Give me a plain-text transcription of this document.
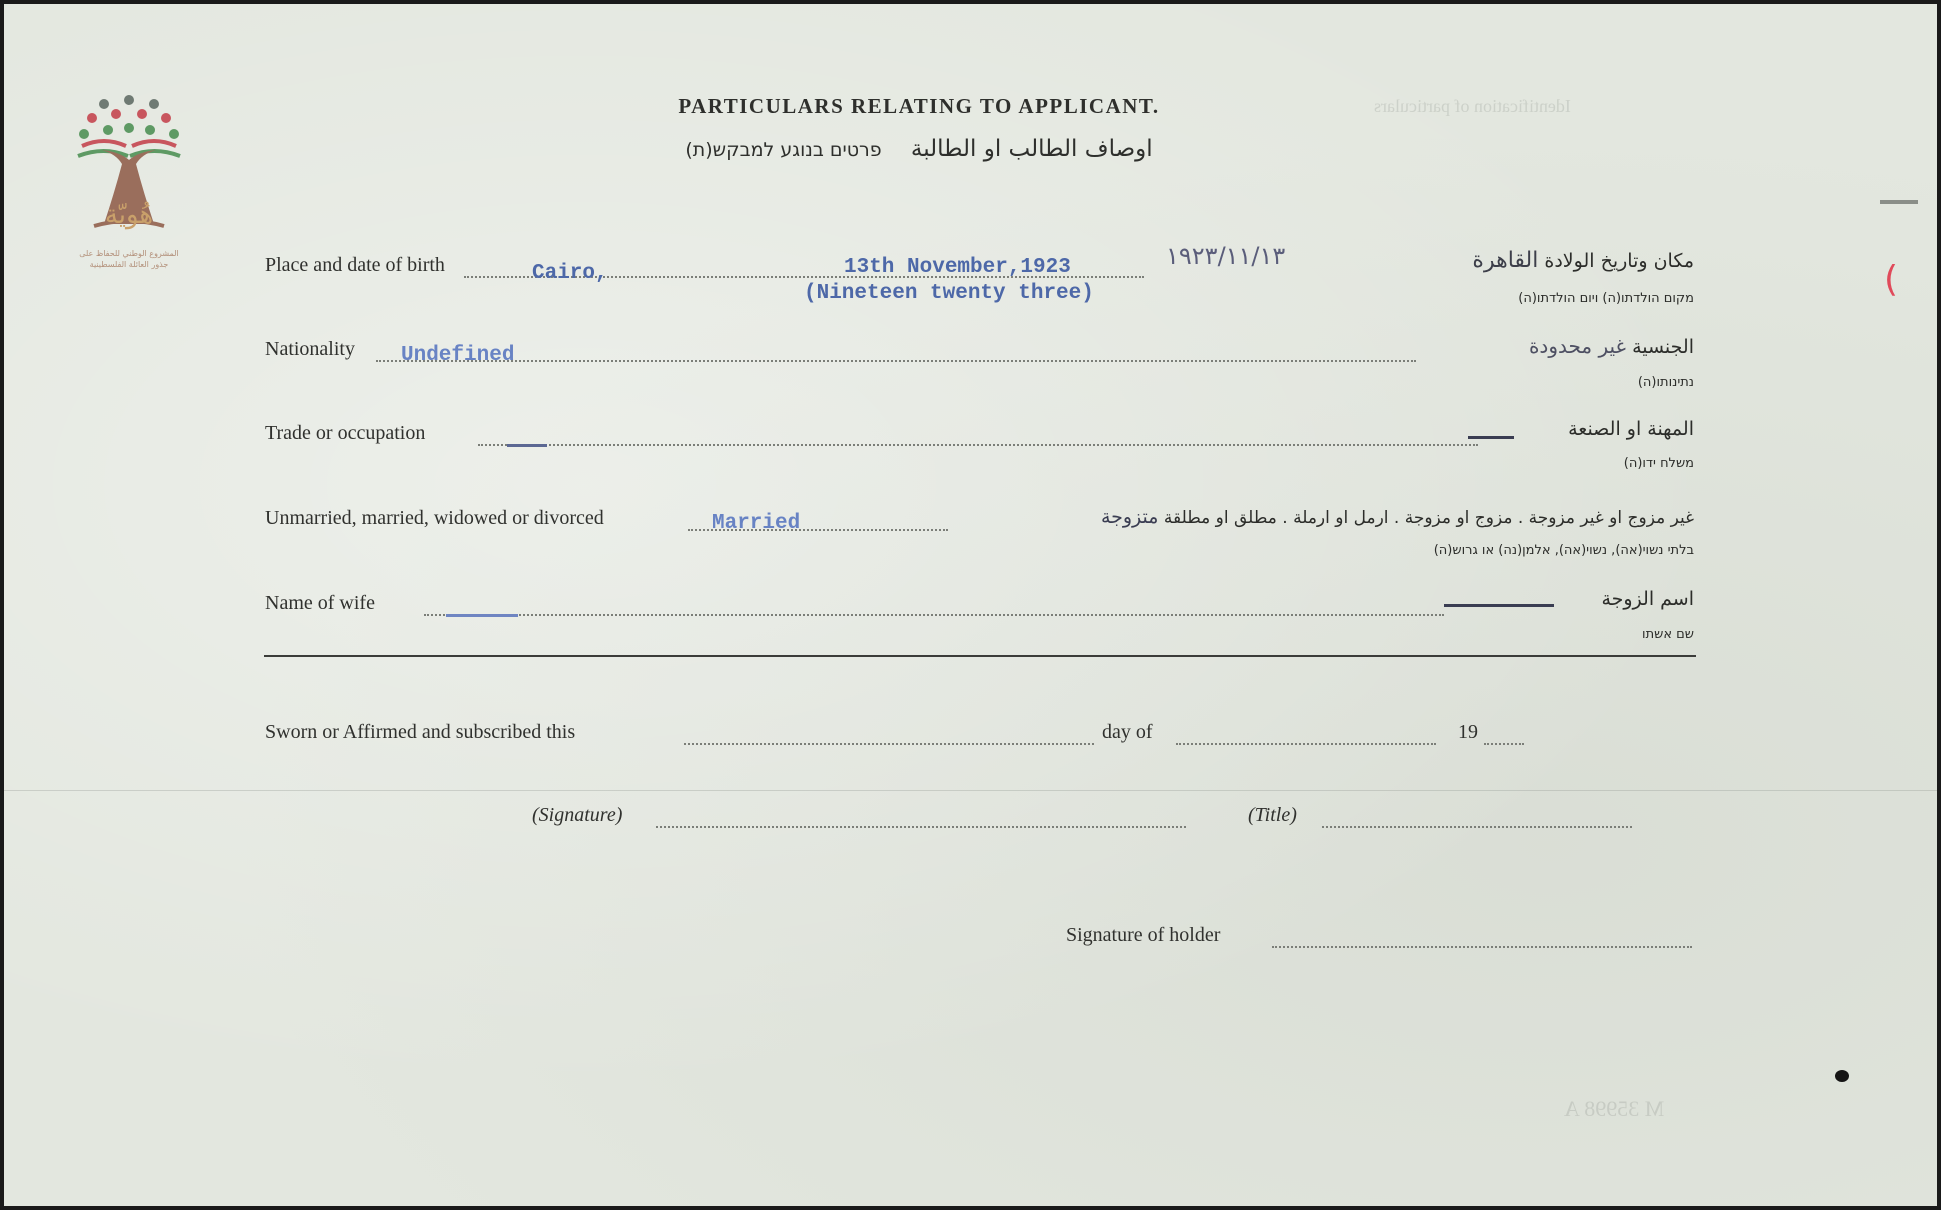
Identification of particulars
M 35998 A
هُويّة
المشروع الوطني للحفاظ على
جذور العائلة الفلسطينية
PARTICULARS RELATING TO APPLICANT.
اوصاف الطالب او الطالبة    פרטים בנוגע למבקש(ת)
Place and date of birth	Cairo,	13th November,1923
(Nineteen twenty three)
١٩٢٣/١١/١٣	مكان وتاريخ الولادة القاهرة
מקום הולדתו(ה) ויום הולדתו(ה)
Nationality Undefined	الجنسية غير محدودة
נתינותו(ה)
Trade or occupation	المهنة او الصنعة
משלח ידו(ה)
Unmarried, married, widowed or divorced	Married	غير مزوج او غير مزوجة . مزوج او مزوجة . ارمل او ارملة . مطلق او مطلقة متزوجة
בלתי נשוי(אה), נשוי(אה), אלמן(נה) או גרוש(ה)
Name of wife	اسم الزوجة
שם אשתו
Sworn or Affirmed and subscribed this	day of	19
(Signature)	(Title)
Signature of holder
(
